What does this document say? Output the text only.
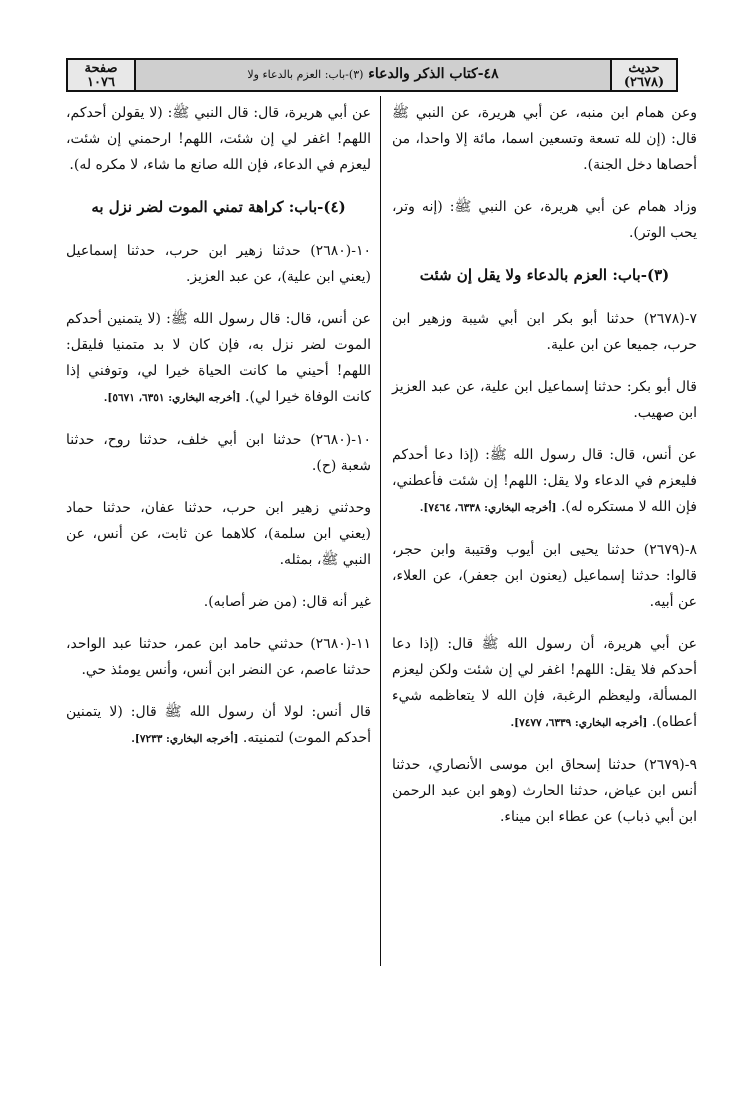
حديث
(٢٦٧٨)
٤٨-كتاب الذكر والدعاء (٣)-باب: العزم بالدعاء ولا
صفحة
١٠٧٦
وعن همام ابن منبه، عن أبي هريرة، عن النبي ﷺ قال: (إن لله تسعة وتسعين اسما، مائة إلا واحدا، من أحصاها دخل الجنة).
وزاد همام عن أبي هريرة، عن النبي ﷺ: (إنه وتر، يحب الوتر).
(٣)-باب: العزم بالدعاء ولا يقل إن شئت
٧-(٢٦٧٨) حدثنا أبو بكر ابن أبي شيبة وزهير ابن حرب، جميعا عن ابن علية.
قال أبو بكر: حدثنا إسماعيل ابن علية، عن عبد العزيز ابن صهيب.
عن أنس، قال: قال رسول الله ﷺ: (إذا دعا أحدكم فليعزم في الدعاء ولا يقل: اللهم! إن شئت فأعطني، فإن الله لا مستكره له). [أخرجه البخاري: ٦٣٣٨، ٧٤٦٤].
٨-(٢٦٧٩) حدثنا يحيى ابن أيوب وقتيبة وابن حجر، قالوا: حدثنا إسماعيل (يعنون ابن جعفر)، عن العلاء، عن أبيه.
عن أبي هريرة، أن رسول الله ﷺ قال: (إذا دعا أحدكم فلا يقل: اللهم! اغفر لي إن شئت ولكن ليعزم المسألة، وليعظم الرغبة، فإن الله لا يتعاظمه شيء أعطاه). [أخرجه البخاري: ٦٣٣٩، ٧٤٧٧].
٩-(٢٦٧٩) حدثنا إسحاق ابن موسى الأنصاري، حدثنا أنس ابن عياض، حدثنا الحارث (وهو ابن عبد الرحمن ابن أبي ذباب) عن عطاء ابن ميناء.
عن أبي هريرة، قال: قال النبي ﷺ: (لا يقولن أحدكم، اللهم! اغفر لي إن شئت، اللهم! ارحمني إن شئت، ليعزم في الدعاء، فإن الله صانع ما شاء، لا مكره له).
(٤)-باب: كراهة تمني الموت لضر نزل به
١٠-(٢٦٨٠) حدثنا زهير ابن حرب، حدثنا إسماعيل (يعني ابن علية)، عن عبد العزيز.
عن أنس، قال: قال رسول الله ﷺ: (لا يتمنين أحدكم الموت لضر نزل به، فإن كان لا بد متمنيا فليقل: اللهم! أحيني ما كانت الحياة خيرا لي، وتوفني إذا كانت الوفاة خيرا لي). [أخرجه البخاري: ٦٣٥١، ٥٦٧١].
١٠-(٢٦٨٠) حدثنا ابن أبي خلف، حدثنا روح، حدثنا شعبة (ح).
وحدثني زهير ابن حرب، حدثنا عفان، حدثنا حماد (يعني ابن سلمة)، كلاهما عن ثابت، عن أنس، عن النبي ﷺ، بمثله.
غير أنه قال: (من ضر أصابه).
١١-(٢٦٨٠) حدثني حامد ابن عمر، حدثنا عبد الواحد، حدثنا عاصم، عن النضر ابن أنس، وأنس يومئذ حي.
قال أنس: لولا أن رسول الله ﷺ قال: (لا يتمنين أحدكم الموت) لتمنيته. [أخرجه البخاري: ٧٢٣٣].
